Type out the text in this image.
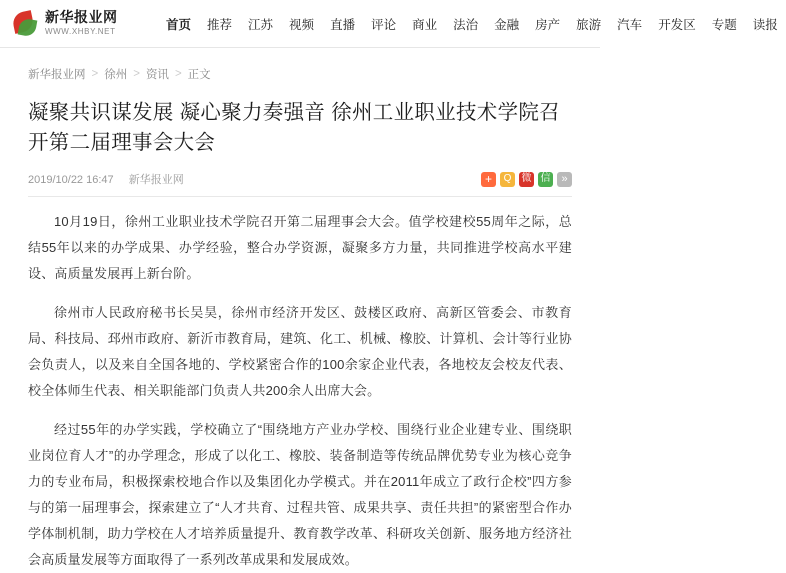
新华报业网
WWW.XHBY.NET
首页	推荐	江苏	视频	直播	评论	商业	法治	金融	房产	旅游	汽车	开发区	专题	读报
新华报业网 > 徐州 > 资讯 > 正文
凝聚共识谋发展 凝心聚力奏强音 徐州工业职业技术学院召开第二届理事会大会
2019/10/22 16:47 新华报业网	+	Q	微 信 »

10月19日，徐州工业职业技术学院召开第二届理事会大会。值学校建校55周年之际，总结55年以来的办学成果、办学经验，整合办学资源，凝聚多方力量，共同推进学校高水平建设、高质量发展再上新台阶。

徐州市人民政府秘书长吴昊，徐州市经济开发区、鼓楼区政府、高新区管委会、市教育局、科技局、邳州市政府、新沂市教育局，建筑、化工、机械、橡胶、计算机、会计等行业协会负责人，以及来自全国各地的、学校紧密合作的100余家企业代表，各地校友会校友代表、校全体师生代表、相关职能部门负责人共200余人出席大会。

经过55年的办学实践，学校确立了“围绕地方产业办学校、围绕行业企业建专业、围绕职业岗位育人才”的办学理念，形成了以化工、橡胶、装备制造等传统品牌优势专业为核心竞争力的专业布局，积极探索校地合作以及集团化办学模式。并在2011年成立了政行企校”四方参与的第一届理事会，探索建立了“人才共育、过程共管、成果共享、责任共担”的紧密型合作办学体制机制，助力学校在人才培养质量提升、教育教学改革、科研攻关创新、服务地方经济社会高质量发展等方面取得了一系列改革成果和发展成效。
